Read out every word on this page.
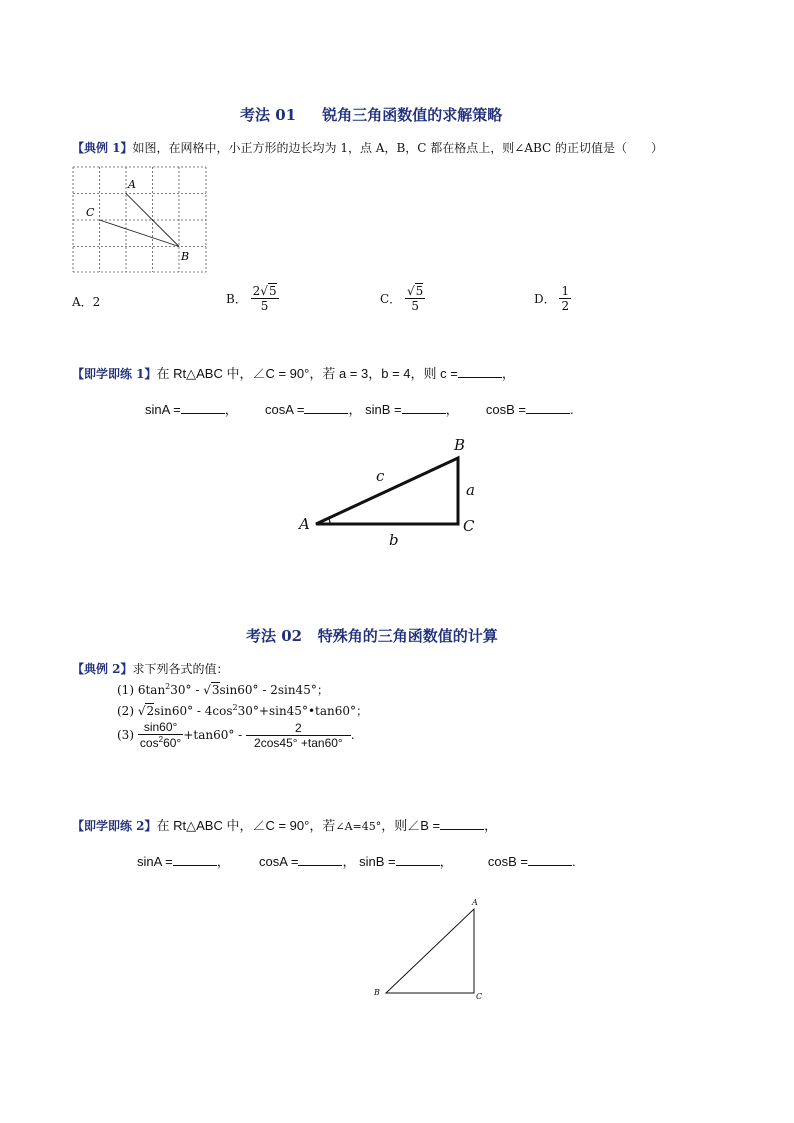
考法 01     锐角三角函数值的求解策略
【典例 1】如图，在网格中，小正方形的边长均为 1，点 A，B，C 都在格点上，则∠ABC 的正切值是（　　）
A
C
B
A．2	B． $\frac{2√5}{5}$	C． $\frac{√5}{5}$	D． $\frac{1}{2}$
【即学即练 1】在 Rt△ABC 中，∠C = 90°，若 a = 3，b = 4，则 c =	，
sinA =	， cosA =	， sinB =	， cosB =	.
A
B
C
a
b
c
考法 02   特殊角的三角函数值的计算
【典例 2】求下列各式的值：
(1) $6\tan^230^\circ - √3\sin 60^\circ - 2\sin 45^\circ$；
(2) $√2\sin 60^\circ - 4\cos^230^\circ+\sin 45^\circ•\tan 60^\circ$；
$(3) \frac{\sin 60^\circ}{\cos^260^\circ} +\tan 60^\circ - \frac{2}{2\cos 45^\circ +\tan 60^\circ}$ .
【即学即练 2】在 Rt△ABC 中，∠C = 90°，若∠A=45°，则∠B =	，
sinA =	， cosA =	， sinB =	，	cosB =	.
A
B	C
